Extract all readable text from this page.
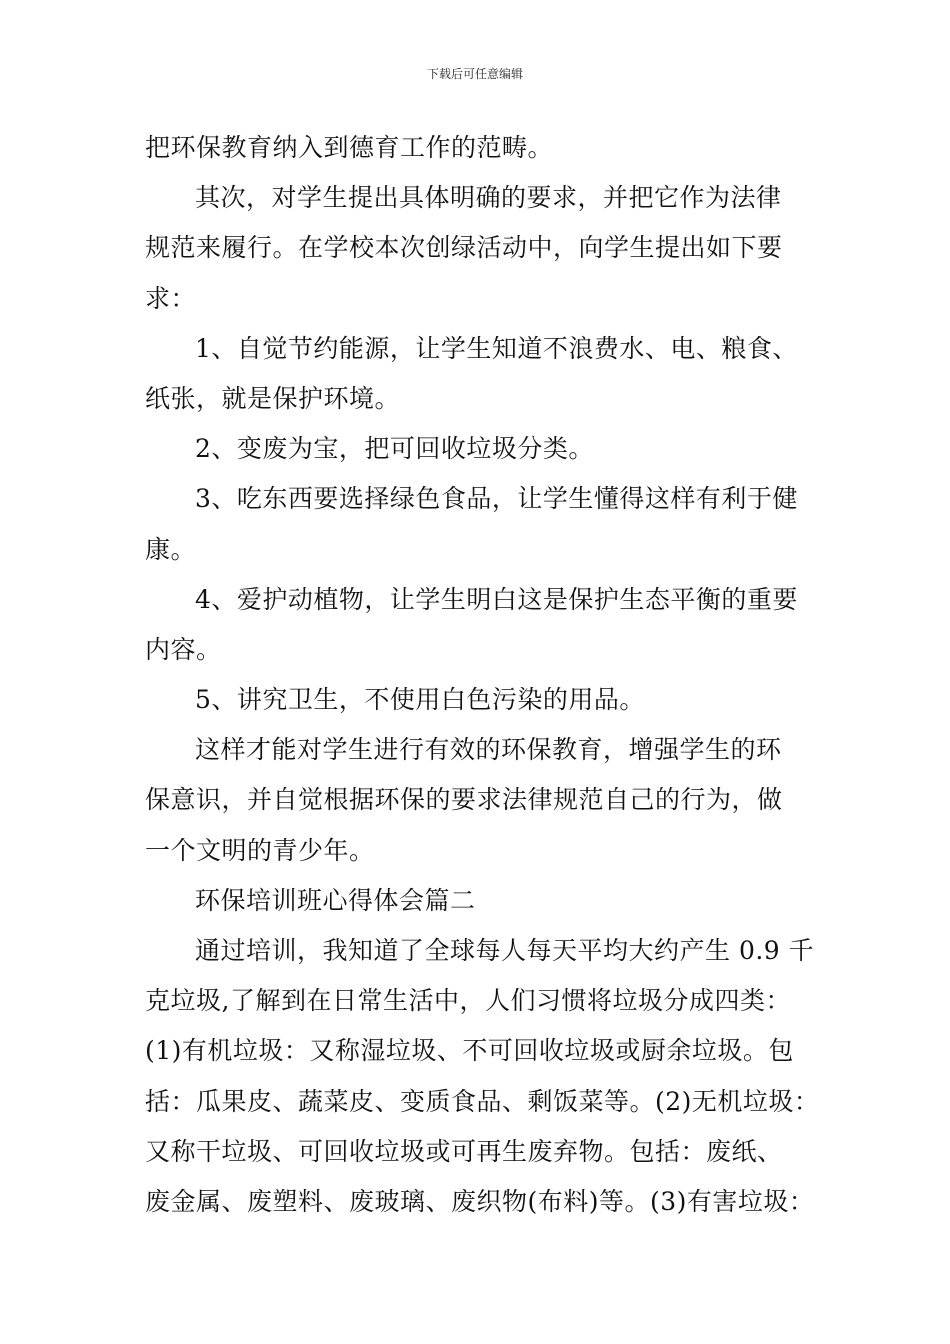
下载后可任意编辑
把环保教育纳入到德育工作的范畴。
其次，对学生提出具体明确的要求，并把它作为法律
规范来履行。在学校本次创绿活动中，向学生提出如下要
求：
1、自觉节约能源，让学生知道不浪费水、电、粮食、
纸张，就是保护环境。
2、变废为宝，把可回收垃圾分类。
3、吃东西要选择绿色食品，让学生懂得这样有利于健
康。
4、爱护动植物，让学生明白这是保护生态平衡的重要
内容。
5、讲究卫生，不使用白色污染的用品。
这样才能对学生进行有效的环保教育，增强学生的环
保意识，并自觉根据环保的要求法律规范自己的行为，做
一个文明的青少年。
环保培训班心得体会篇二
通过培训，我知道了全球每人每天平均大约产生 0.9 千
克垃圾,了解到在日常生活中，人们习惯将垃圾分成四类：
(1)有机垃圾：又称湿垃圾、不可回收垃圾或厨余垃圾。包
括：瓜果皮、蔬菜皮、变质食品、剩饭菜等。(2)无机垃圾：
又称干垃圾、可回收垃圾或可再生废弃物。包括：废纸、
废金属、废塑料、废玻璃、废织物(布料)等。(3)有害垃圾：
